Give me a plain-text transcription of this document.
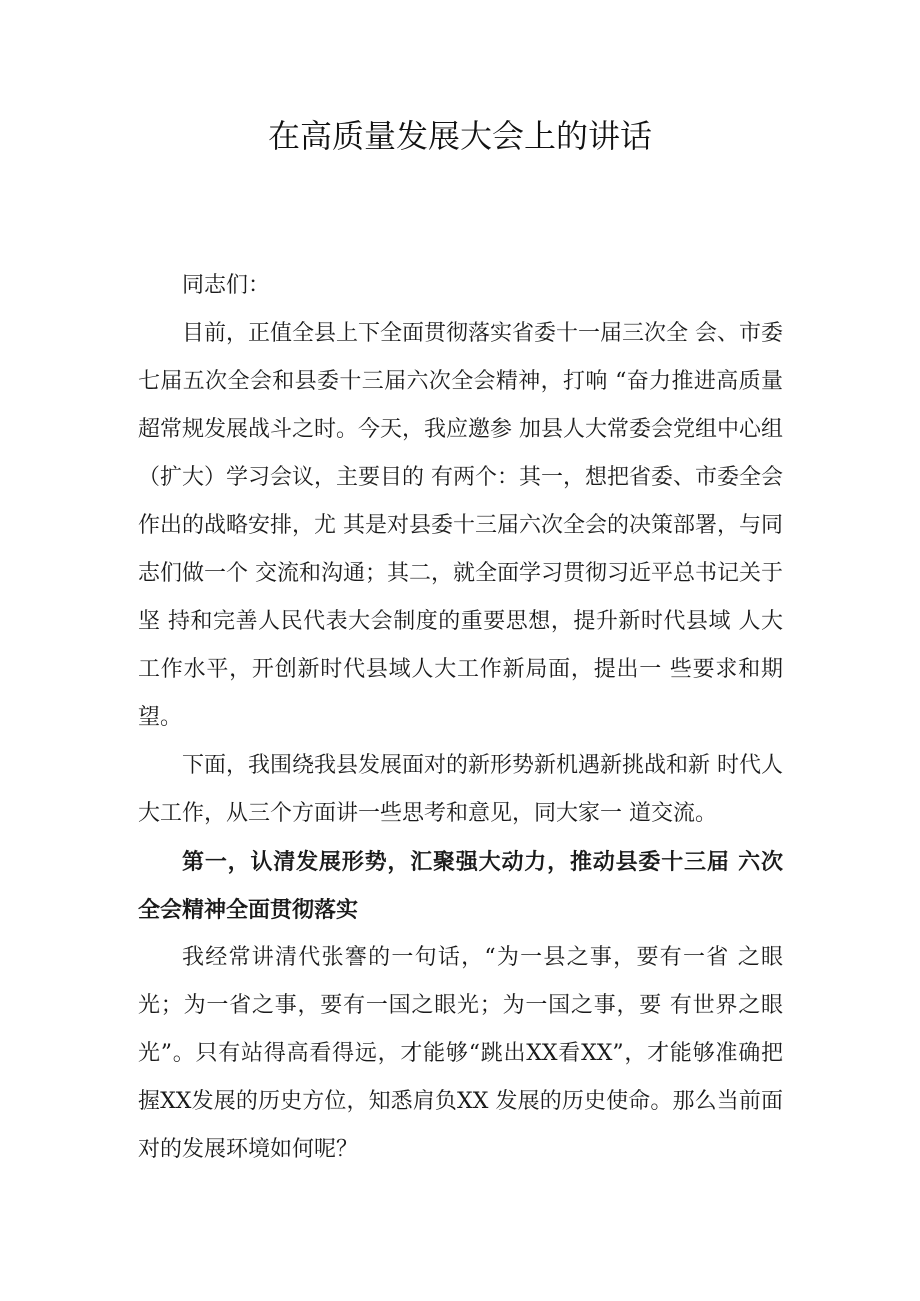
在高质量发展大会上的讲话

同志们：

目前，正值全县上下全面贯彻落实省委十一届三次全 会、市委七届五次全会和县委十三届六次全会精神，打响 “奋力推进高质量超常规发展战斗之时。今天，我应邀参 加县人大常委会党组中心组（扩大）学习会议，主要目的 有两个：其一，想把省委、市委全会作出的战略安排，尤 其是对县委十三届六次全会的决策部署，与同志们做一个 交流和沟通；其二，就全面学习贯彻习近平总书记关于坚 持和完善人民代表大会制度的重要思想，提升新时代县域 人大工作水平，开创新时代县域人大工作新局面，提出一 些要求和期望。

下面，我围绕我县发展面对的新形势新机遇新挑战和新 时代人大工作，从三个方面讲一些思考和意见，同大家一 道交流。

第一，认清发展形势，汇聚强大动力，推动县委十三届 六次全会精神全面贯彻落实

我经常讲清代张謇的一句话，“为一县之事，要有一省 之眼光；为一省之事，要有一国之眼光；为一国之事，要 有世界之眼光”。只有站得高看得远，才能够“跳出XX看XX”，才能够准确把握XX发展的历史方位，知悉肩负XX 发展的历史使命。那么当前面对的发展环境如何呢？
